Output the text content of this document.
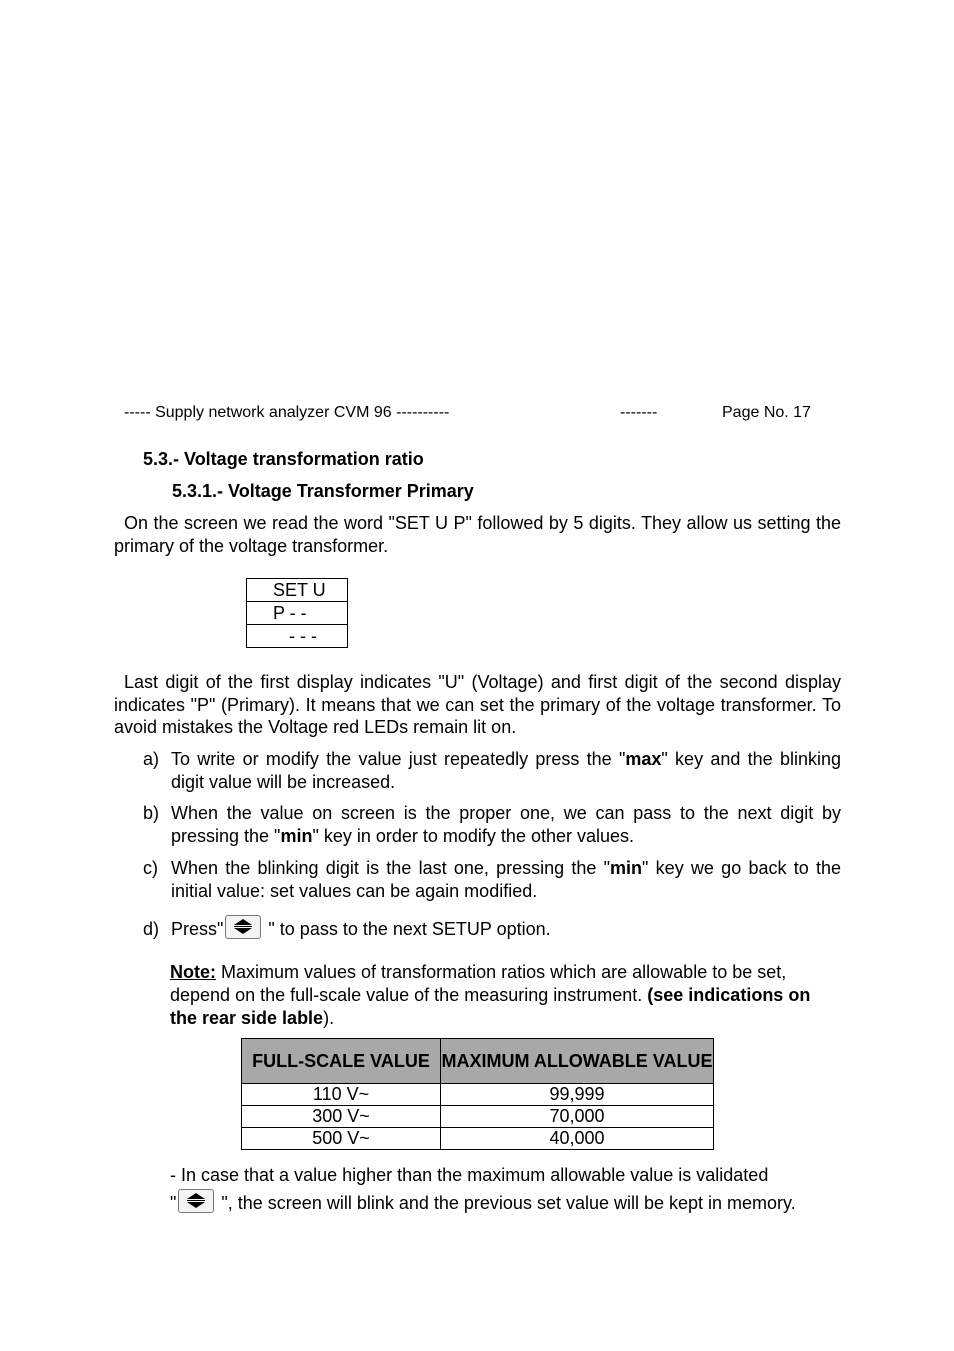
----- Supply network analyzer CVM 96 ----------	-------	Page No. 17
5.3.- Voltage transformation ratio
5.3.1.- Voltage Transformer Primary
On the screen we read the word "SET U P" followed by 5 digits. They allow us setting the primary of the voltage transformer.
SET U
P - -
- - -
Last digit of the first display indicates "U" (Voltage) and first digit of the second display indicates "P" (Primary). It means that we can set the primary of the voltage transformer. To avoid mistakes the Voltage red LEDs remain lit on.
a) To write or modify the value just repeatedly press the "max" key and the blinking digit value will be increased.
b) When the value on screen is the proper one, we can pass to the next digit by pressing the "min" key in order to modify the other values.
c) When the blinking digit is the last one, pressing the "min" key we go back to the initial value: set values can be again modified.
d) Press"
" to pass to the next SETUP option.
Note: Maximum values of transformation ratios which are allowable to be set, depend on the full-scale value of the measuring instrument. (see indications on the rear side lable).
FULL-SCALE VALUE	MAXIMUM ALLOWABLE VALUE
110 V~	99,999
300 V~	70,000
500 V~	40,000
- In case that a value higher than the maximum allowable value is validated
"
", the screen will blink and the previous set value will be kept in memory.
